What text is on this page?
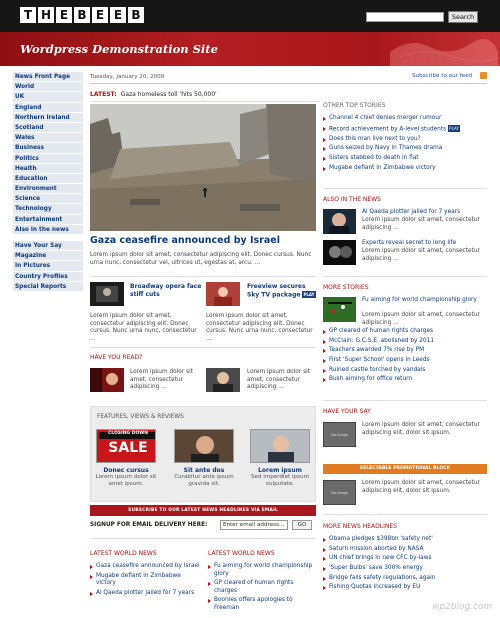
T H E B E E B	Search
Wordpress Demonstration Site
News Front Page
World
UK
England
Northern Ireland
Scotland
Wales
Business
Politics
Health
Education
Environment
Science
Technology
Entertainment
Also in the news
Have Your Say
Magazine
In Pictures
Country Profiles
Special Reports
Tuesday, January 20, 2009	Subscribe to our feed
LATEST: Gaza homeless toll 'hits 50,000'
Gaza ceasefire announced by Israel
Lorem ipsum dolor sit amet, consectetur adipiscing elit. Donec cursus. Nunc urna nunc, consectetur vel, ultrices ut, egestas at, arcu. ...
Broadway opera face stiff cuts
Lorem ipsum dolor sit amet, consectetur adipiscing elit. Donec cursus. Nunc urna nunc, consectetur ...
Freeview secures Sky TV package PLAY
Lorem ipsum dolor sit amet, consectetur adipiscing elit. Donec cursus. Nunc urna nunc, consectetur ...
HAVE YOU READ?
Lorem ipsum dolor sit amet, consectetur adipiscing ...
Lorem ipsum dolor sit amet, consectetur adipiscing ...
FEATURES, VIEWS & REVIEWS
CLOSING DOWN
SALE
Donec cursus
Lorem ipsum dolor sit amet ipsum.
Sit ante dos
Curabitur ante ipsum gravida sit.
Lorem ipsum
Sed imperdiet ipsum vulputate.
SUBSCRIBE TO OUR LATEST NEWS HEADLINES VIA EMAIL
SIGNUP FOR EMAIL DELIVERY HERE:	Enter email address...	GO
LATEST WORLD NEWS
Gaza ceasefire announced by Israel
Mugabe defiant in Zimbabwe victory
Al Qaeda plotter jailed for 7 years
LATEST WORLD NEWS
Fu aiming for world championship glory
GP cleared of human rights charges
Boonies offers apologies to Freeman
OTHER TOP STORIES
Channel 4 chief denies merger rumour
Record achievement by A-level students PLAY
Does this man live next to you?
Guns seized by Navy in Thames drama
Sisters stabbed to death in flat
Mugabe defiant in Zimbabwe victory
ALSO IN THE NEWS
Al Qaeda plotter jailed for 7 years
Lorem ipsum dolor sit amet, consectetur adipiscing ...
Experts reveal secret to long life
Lorem ipsum dolor sit amet, consectetur adipiscing ...
MORE STORIES
Fu aiming for world championship glory
Lorem ipsum dolor sit amet, consectetur adipiscing ...
GP cleared of human rights charges
McClain: G.C.S.E. abolished by 2011
Teachers awarded 7% rise by PM
First 'Super School' opens in Leeds
Ruined castle torched by vandals
Bush aiming for office return
HAVE YOUR SAY
No Image
Lorem ipsum dolor sit amet, consectetur adipiscing elit, dolor sit ipsum.
SELECTABLE PROMOTIONAL BLOCK
No Image
Lorem ipsum dolor sit amet, consectetur adipiscing elit, dolor sit ipsum.
MORE NEWS HEADLINES
Obama pledges $398bn 'safety net'
Saturn mission aborted by NASA
UN chief brings in new CFC by-laws
'Super Bulbs' save 300% energy
Bridge fails safety regulations, again
Fishing Quotas increased by EU
wp2blog.com
